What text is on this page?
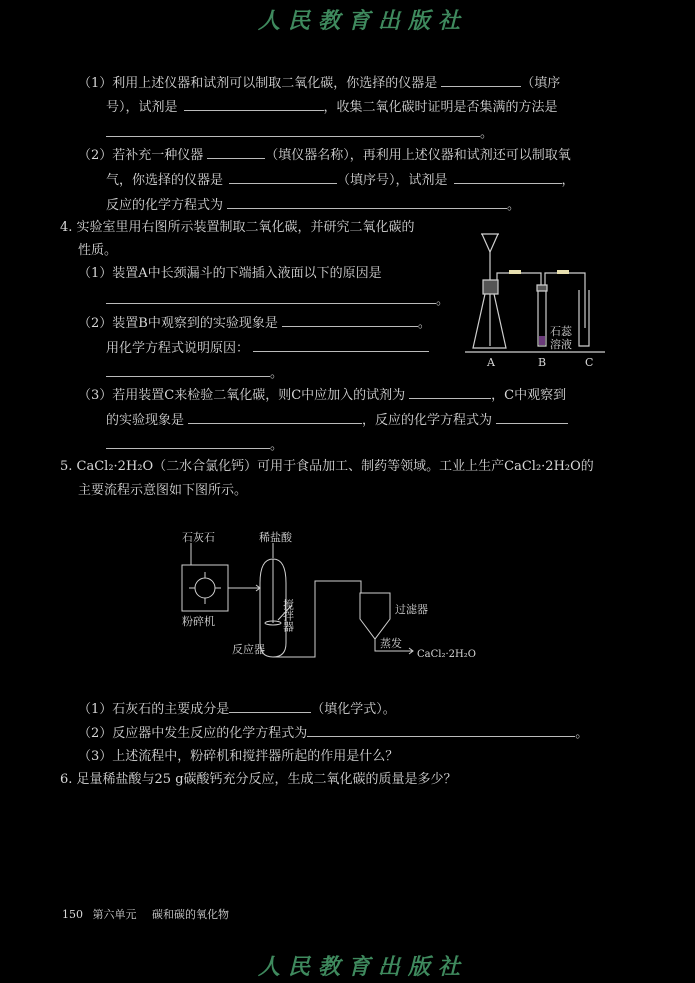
人民教育出版社
（1）利用上述仪器和试剂可以制取二氧化碳，你选择的仪器是	（填序
号），试剂是	，收集二氧化碳时证明是否集满的方法是
。
（2）若补充一种仪器	（填仪器名称），再利用上述仪器和试剂还可以制取氧
气，你选择的仪器是	（填序号），试剂是	，
反应的化学方程式为	。
4. 实验室里用右图所示装置制取二氧化碳，并研究二氧化碳的
性质。
（1）装置A中长颈漏斗的下端插入液面以下的原因是
。
（2）装置B中观察到的实验现象是	。
用化学方程式说明原因：
。
（3）若用装置C来检验二氧化碳，则C中应加入的试剂为	，C中观察到
的实验现象是	，反应的化学方程式为
。
石蕊
溶液
A	B	C
5. CaCl₂·2H₂O（二水合氯化钙）可用于食品加工、制药等领域。工业上生产CaCl₂·2H₂O的
主要流程示意图如下图所示。
石灰石	稀盐酸
粉碎机	搅拌器
反应器
过滤器
蒸发
CaCl₂·2H₂O
（1）石灰石的主要成分是	（填化学式）。
（2）反应器中发生反应的化学方程式为	。
（3）上述流程中，粉碎机和搅拌器所起的作用是什么？
6. 足量稀盐酸与25 g碳酸钙充分反应，生成二氧化碳的质量是多少？
150 第六单元 碳和碳的氧化物
人民教育出版社
